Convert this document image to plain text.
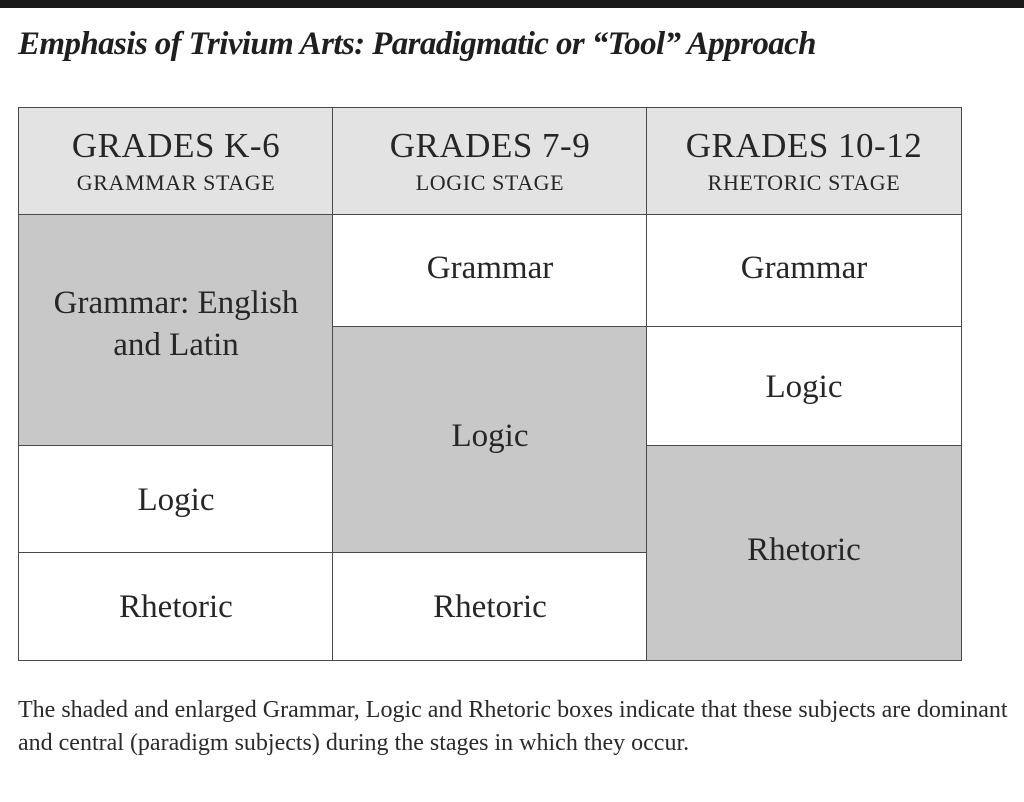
Emphasis of Trivium Arts: Paradigmatic or “Tool” Approach
GRADES K-6
GRAMMAR STAGE
GRADES 7-9
LOGIC STAGE
GRADES 10-12
RHETORIC STAGE
Grammar: English and Latin
Logic
Rhetoric
Grammar
Logic
Rhetoric
Grammar
Logic
Rhetoric
The shaded and enlarged Grammar, Logic and Rhetoric boxes indicate that these subjects are dominant and central (paradigm subjects) during the stages in which they occur.
